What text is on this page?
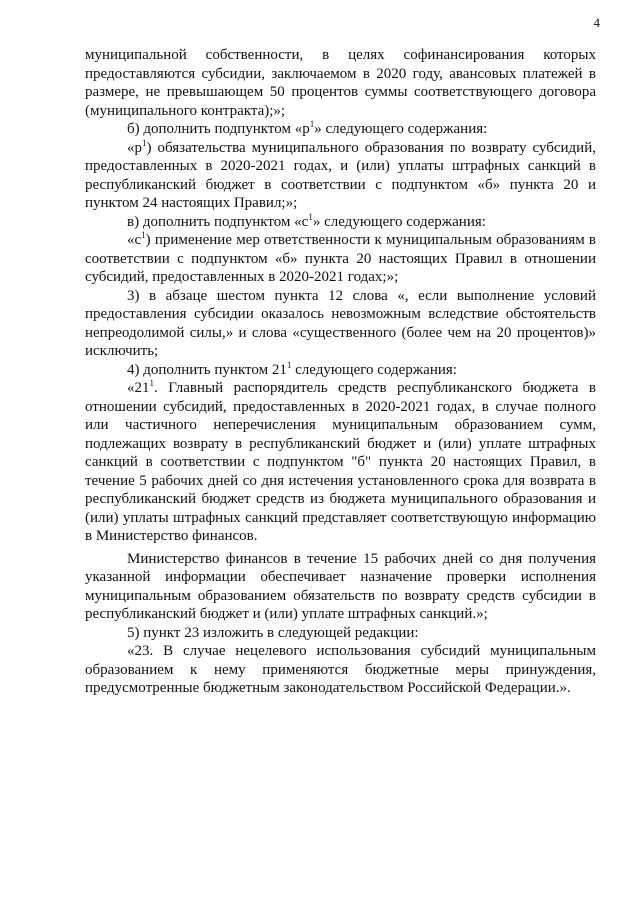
4

муниципальной собственности, в целях софинансирования которых предоставляются субсидии, заключаемом в 2020 году, авансовых платежей в размере, не превышающем 50 процентов суммы соответствующего договора (муниципального контракта);»;

б) дополнить подпунктом «$р^1$» следующего содержания:

«$р^1$) обязательства муниципального образования по возврату субсидий, предоставленных в 2020-2021 годах, и (или) уплаты штрафных санкций в республиканский бюджет в соответствии с подпунктом «б» пункта 20 и пунктом 24 настоящих Правил;»;

в) дополнить подпунктом «$с^1$» следующего содержания:

«$с^1$) применение мер ответственности к муниципальным образованиям в соответствии с подпунктом «б» пункта 20 настоящих Правил в отношении субсидий, предоставленных в 2020-2021 годах;»;

3) в абзаце шестом пункта 12 слова «, если выполнение условий предоставления субсидии оказалось невозможным вследствие обстоятельств непреодолимой силы,» и слова «существенного (более чем на 20 процентов)» исключить;

4) дополнить пунктом $21^1$ следующего содержания:

«$21^1$. Главный распорядитель средств республиканского бюджета в отношении субсидий, предоставленных в 2020-2021 годах, в случае полного или частичного неперечисления муниципальным образованием сумм, подлежащих возврату в республиканский бюджет и (или) уплате штрафных санкций в соответствии с подпунктом "б" пункта 20 настоящих Правил, в течение 5 рабочих дней со дня истечения установленного срока для возврата в республиканский бюджет средств из бюджета муниципального образования и (или) уплаты штрафных санкций представляет соответствующую информацию в Министерство финансов.

Министерство финансов в течение 15 рабочих дней со дня получения указанной информации обеспечивает назначение проверки исполнения муниципальным образованием обязательств по возврату средств субсидии в республиканский бюджет и (или) уплате штрафных санкций.»;

5) пункт 23 изложить в следующей редакции:

«23. В случае нецелевого использования субсидий муниципальным образованием к нему применяются бюджетные меры принуждения, предусмотренные бюджетным законодательством Российской Федерации.».
